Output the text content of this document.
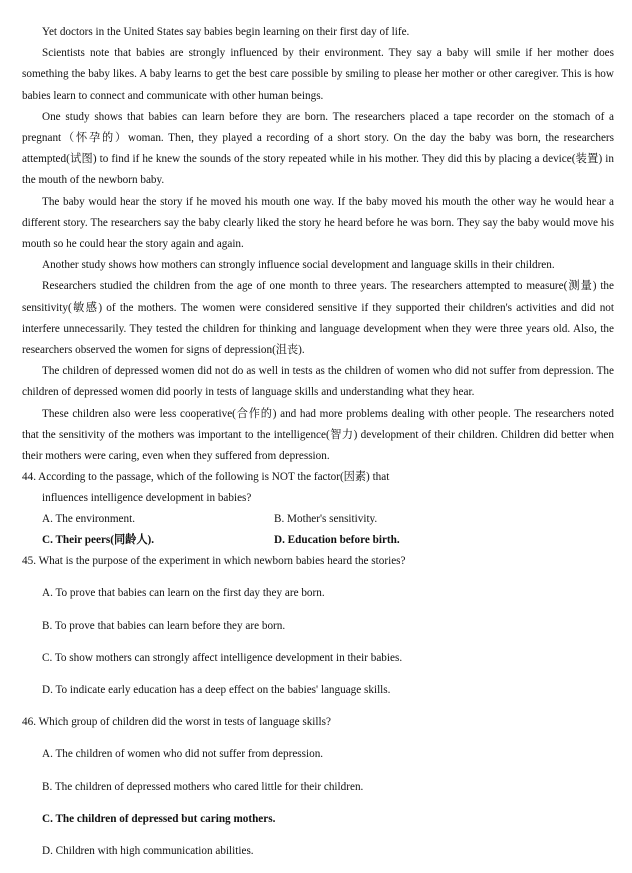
Yet doctors in the United States say babies begin learning on their first day of life.

Scientists note that babies are strongly influenced by their environment. They say a baby will smile if her mother does something the baby likes. A baby learns to get the best care possible by smiling to please her mother or other caregiver. This is how babies learn to connect and communicate with other human beings.

One study shows that babies can learn before they are born. The researchers placed a tape recorder on the stomach of a pregnant（怀孕的）woman. Then, they played a recording of a short story. On the day the baby was born, the researchers attempted(试图) to find if he knew the sounds of the story repeated while in his mother. They did this by placing a device(装置) in the mouth of the newborn baby.

The baby would hear the story if he moved his mouth one way. If the baby moved his mouth the other way he would hear a different story. The researchers say the baby clearly liked the story he heard before he was born. They say the baby would move his mouth so he could hear the story again and again.

Another study shows how mothers can strongly influence social development and language skills in their children.

Researchers studied the children from the age of one month to three years. The researchers attempted to measure(测量) the sensitivity(敏感) of the mothers. The women were considered sensitive if they supported their children's activities and did not interfere unnecessarily. They tested the children for thinking and language development when they were three years old. Also, the researchers observed the women for signs of depression(沮丧).

The children of depressed women did not do as well in tests as the children of women who did not suffer from depression. The children of depressed women did poorly in tests of language skills and understanding what they hear.

These children also were less cooperative(合作的) and had more problems dealing with other people. The researchers noted that the sensitivity of the mothers was important to the intelligence(智力) development of their children. Children did better when their mothers were caring, even when they suffered from depression.

44. According to the passage, which of the following is NOT the factor(因素) that

influences intelligence development in babies?

A. The environment.	B. Mother's sensitivity.
C. Their peers(同龄人).	D. Education before birth.

45. What is the purpose of the experiment in which newborn babies heard the stories?

A. To prove that babies can learn on the first day they are born.

B. To prove that babies can learn before they are born.

C. To show mothers can strongly affect intelligence development in their babies.

D. To indicate early education has a deep effect on the babies' language skills.

46. Which group of children did the worst in tests of language skills?

A. The children of women who did not suffer from depression.

B. The children of depressed mothers who cared little for their children.

C. The children of depressed but caring mothers.

D. Children with high communication abilities.
